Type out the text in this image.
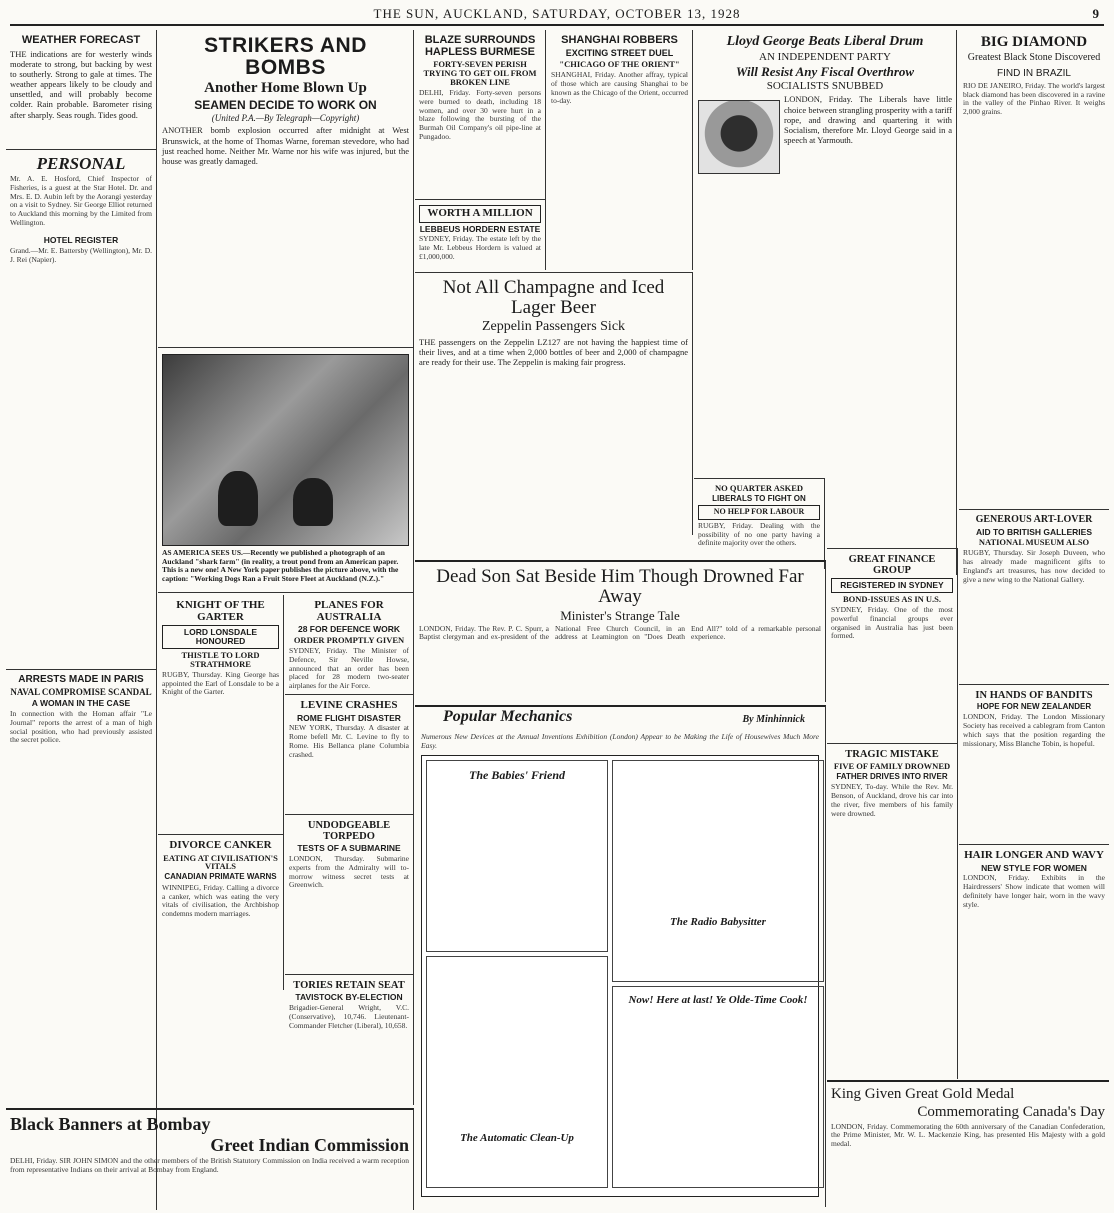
THE SUN, AUCKLAND, SATURDAY, OCTOBER 13, 1928	9
WEATHER FORECAST
THE indications are for westerly winds moderate to strong, but backing by west to southerly. Strong to gale at times. The weather appears likely to be cloudy and unsettled, and will probably become colder. Rain probable. Barometer rising after sharply. Seas rough. Tides good.
PERSONAL
Mr. A. E. Hosford, Chief Inspector of Fisheries, is a guest at the Star Hotel. Dr. and Mrs. E. D. Aubin left by the Aorangi yesterday on a visit to Sydney. Sir George Elliot returned to Auckland this morning by the Limited from Wellington.
HOTEL REGISTER
Grand.—Mr. E. Battersby (Wellington), Mr. D. J. Rei (Napier).
ARRESTS MADE IN PARIS
NAVAL COMPROMISE SCANDAL
A WOMAN IN THE CASE
In connection with the Homan affair "Le Journal" reports the arrest of a man of high social position, who had previously assisted the secret police.
STRIKERS AND BOMBS
Another Home Blown Up
SEAMEN DECIDE TO WORK ON
(United P.A.—By Telegraph—Copyright)
ANOTHER bomb explosion occurred after midnight at West Brunswick, at the home of Thomas Warne, foreman stevedore, who had just reached home. Neither Mr. Warne nor his wife was injured, but the house was greatly damaged.
AS AMERICA SEES US.—Recently we published a photograph of an Auckland "shark farm" (in reality, a trout pond from an American paper. This is a new one! A New York paper publishes the picture above, with the caption: "Working Dogs Ran a Fruit Store Fleet at Auckland (N.Z.)."
KNIGHT OF THE GARTER
LORD LONSDALE HONOURED
THISTLE TO LORD STRATHMORE
RUGBY, Thursday. King George has appointed the Earl of Lonsdale to be a Knight of the Garter.
DIVORCE CANKER
EATING AT CIVILISATION'S VITALS
CANADIAN PRIMATE WARNS
WINNIPEG, Friday. Calling a divorce a canker, which was eating the very vitals of civilisation, the Archbishop condemns modern marriages.
PLANES FOR AUSTRALIA
28 FOR DEFENCE WORK
ORDER PROMPTLY GIVEN
SYDNEY, Friday. The Minister of Defence, Sir Neville Howse, announced that an order has been placed for 28 modern two-seater airplanes for the Air Force.
LEVINE CRASHES
ROME FLIGHT DISASTER
NEW YORK, Thursday. A disaster at Rome befell Mr. C. Levine to fly to Rome. His Bellanca plane Columbia crashed.
UNDODGEABLE TORPEDO
TESTS OF A SUBMARINE
LONDON, Thursday. Submarine experts from the Admiralty will to-morrow witness secret tests at Greenwich.
TORIES RETAIN SEAT
TAVISTOCK BY-ELECTION
Brigadier-General Wright, V.C. (Conservative), 10,746. Lieutenant-Commander Fletcher (Liberal), 10,658.
Black Banners at Bombay
Greet Indian Commission
DELHI, Friday. SIR JOHN SIMON and the other members of the British Statutory Commission on India received a warm reception from representative Indians on their arrival at Bombay from England.
BLAZE SURROUNDS HAPLESS BURMESE
FORTY-SEVEN PERISH TRYING TO GET OIL FROM BROKEN LINE
DELHI, Friday. Forty-seven persons were burned to death, including 18 women, and over 30 were hurt in a blaze following the bursting of the Burmah Oil Company's oil pipe-line at Pungadoo.
WORTH A MILLION
LEBBEUS HORDERN ESTATE
SYDNEY, Friday. The estate left by the late Mr. Lebbeus Hordern is valued at £1,000,000.
SHANGHAI ROBBERS
EXCITING STREET DUEL
"CHICAGO OF THE ORIENT"
SHANGHAI, Friday. Another affray, typical of those which are causing Shanghai to be known as the Chicago of the Orient, occurred to-day.
Not All Champagne and Iced Lager Beer
Zeppelin Passengers Sick
THE passengers on the Zeppelin LZ127 are not having the happiest time of their lives, and at a time when 2,000 bottles of beer and 2,000 of champagne are ready for their use. The Zeppelin is making fair progress.
Lloyd George Beats Liberal Drum
AN INDEPENDENT PARTY
Will Resist Any Fiscal Overthrow
SOCIALISTS SNUBBED
LONDON, Friday. The Liberals have little choice between strangling prosperity with a tariff rope, and drawing and quartering it with Socialism, therefore Mr. Lloyd George said in a speech at Yarmouth.
NO QUARTER ASKED
LIBERALS TO FIGHT ON
NO HELP FOR LABOUR
RUGBY, Friday. Dealing with the possibility of no one party having a definite majority over the others.
Dead Son Sat Beside Him Though Drowned Far Away
Minister's Strange Tale
LONDON, Friday. The Rev. P. C. Spurr, a Baptist clergyman and ex-president of the National Free Church Council, in an address at Leamington on "Does Death End All?" told of a remarkable personal experience.
Popular Mechanics	By Minhinnick
Numerous New Devices at the Annual Inventions Exhibition (London) Appear to be Making the Life of Housewives Much More Easy.
The Babies' Friend
The Radio Babysitter
The Automatic Clean-Up
Now! Here at last! Ye Olde-Time Cook!
GREAT FINANCE GROUP
REGISTERED IN SYDNEY
BOND-ISSUES AS IN U.S.
SYDNEY, Friday. One of the most powerful financial groups ever organised in Australia has just been formed.
TRAGIC MISTAKE
FIVE OF FAMILY DROWNED
FATHER DRIVES INTO RIVER
SYDNEY, To-day. While the Rev. Mr. Benson, of Auckland, drove his car into the river, five members of his family were drowned.
BIG DIAMOND
Greatest Black Stone Discovered
FIND IN BRAZIL
RIO DE JANEIRO, Friday. The world's largest black diamond has been discovered in a ravine in the valley of the Pinhao River. It weighs 2,000 grains.
GENEROUS ART-LOVER
AID TO BRITISH GALLERIES
NATIONAL MUSEUM ALSO
RUGBY, Thursday. Sir Joseph Duveen, who has already made magnificent gifts to England's art treasures, has now decided to give a new wing to the National Gallery.
IN HANDS OF BANDITS
HOPE FOR NEW ZEALANDER
LONDON, Friday. The London Missionary Society has received a cablegram from Canton which says that the position regarding the missionary, Miss Blanche Tobin, is hopeful.
HAIR LONGER AND WAVY
NEW STYLE FOR WOMEN
LONDON, Friday. Exhibits in the Hairdressers' Show indicate that women will definitely have longer hair, worn in the wavy style.
King Given Great Gold Medal
Commemorating Canada's Day
LONDON, Friday. Commemorating the 60th anniversary of the Canadian Confederation, the Prime Minister, Mr. W. L. Mackenzie King, has presented His Majesty with a gold medal.
